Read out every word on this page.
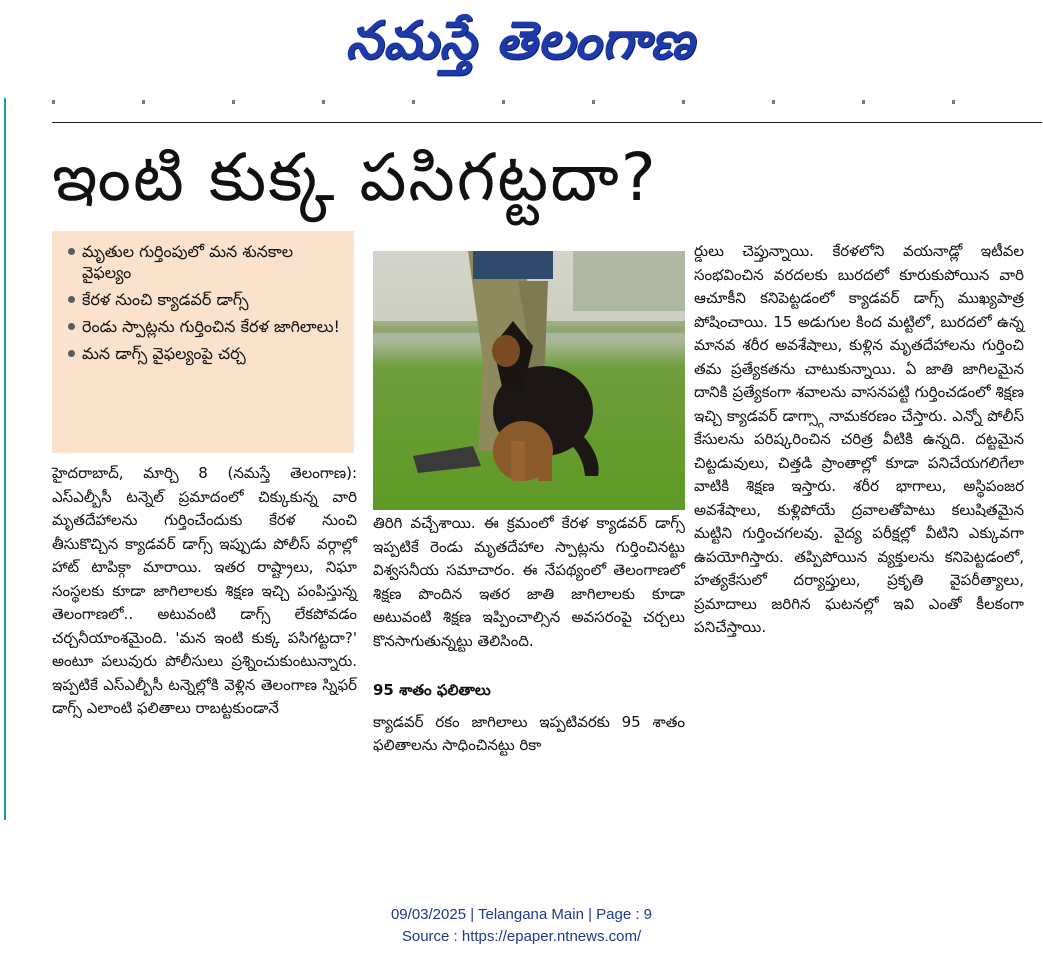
నమస్తే తెలంగాణ
ఇంటి కుక్క పసిగట్టదా?
మృతుల గుర్తింపులో మన శునకాల వైఫల్యం
కేరళ నుంచి క్యాడవర్ డాగ్స్
రెండు స్పాట్లను గుర్తించిన కేరళ జాగిలాలు!
మన డాగ్స్ వైఫల్యంపై చర్చ

హైదరాబాద్, మార్చి 8 (నమస్తే తెలంగాణ): ఎస్ఎల్బీసీ టన్నెల్ ప్రమాదంలో చిక్కుకున్న వారి మృతదేహాలను గుర్తించేందుకు కేరళ నుంచి తీసుకొచ్చిన క్యాడవర్ డాగ్స్ ఇప్పుడు పోలీస్ వర్గాల్లో హాట్ టాపిక్గా మారాయి. ఇతర రాష్ట్రాలు, నిఘా సంస్థలకు కూడా జాగిలాలకు శిక్షణ ఇచ్చి పంపిస్తున్న తెలంగాణలో.. అటువంటి డాగ్స్ లేకపోవడం చర్చనీయాంశమైంది. 'మన ఇంటి కుక్క పసిగట్టదా?' అంటూ పలువురు పోలీసులు ప్రశ్నించుకుంటున్నారు. ఇప్పటికే ఎస్ఎల్బీసీ టన్నెల్లోకి వెళ్లిన తెలంగాణ స్నిఫర్ డాగ్స్ ఎలాంటి ఫలితాలు రాబట్టకుండానే

తిరిగి వచ్చేశాయి. ఈ క్రమంలో కేరళ క్యాడవర్ డాగ్స్ ఇప్పటికే రెండు మృతదేహాల స్పాట్లను గుర్తించినట్టు విశ్వసనీయ సమాచారం. ఈ నేపథ్యంలో తెలంగాణలో శిక్షణ పొందిన ఇతర జాతి జాగిలాలకు కూడా అటువంటి శిక్షణ ఇప్పించాల్సిన అవసరంపై చర్చలు కొనసాగుతున్నట్టు తెలిసింది.

95 శాతం ఫలితాలు

క్యాడవర్ రకం జాగిలాలు ఇప్పటివరకు 95 శాతం ఫలితాలను సాధించినట్టు రికా

ర్డులు చెప్తున్నాయి. కేరళలోని వయనాడ్లో ఇటీవల సంభవించిన వరదలకు బురదలో కూరుకుపోయిన వారి ఆచూకీని కనిపెట్టడంలో క్యాడవర్ డాగ్స్ ముఖ్యపాత్ర పోషించాయి. 15 అడుగుల కింద మట్టిలో, బురదలో ఉన్న మానవ శరీర అవశేషాలు, కుళ్లిన మృతదేహాలను గుర్తించి తమ ప్రత్యేకతను చాటుకున్నాయి. ఏ జాతి జాగిలమైన దానికి ప్రత్యేకంగా శవాలను వాసనపట్టి గుర్తించడంలో శిక్షణ ఇచ్చి క్యాడవర్ డాగ్స్గా నామకరణం చేస్తారు. ఎన్నో పోలీస్ కేసులను పరిష్కరించిన చరిత్ర వీటికి ఉన్నది. దట్టమైన చిట్టడువులు, చిత్తడి ప్రాంతాల్లో కూడా పనిచేయగలిగేలా వాటికి శిక్షణ ఇస్తారు. శరీర భాగాలు, అస్థిపంజర అవశేషాలు, కుళ్లిపోయే ద్రవాలతోపాటు కలుషితమైన మట్టిని గుర్తించగలవు. వైద్య పరీక్షల్లో వీటిని ఎక్కువగా ఉపయోగిస్తారు. తప్పిపోయిన వ్యక్తులను కనిపెట్టడంలో, హత్యకేసులో దర్యాప్తులు, ప్రకృతి వైపరీత్యాలు, ప్రమాదాలు జరిగిన ఘటనల్లో ఇవి ఎంతో కీలకంగా పనిచేస్తాయి.

09/03/2025 | Telangana Main | Page : 9
Source : https://epaper.ntnews.com/
